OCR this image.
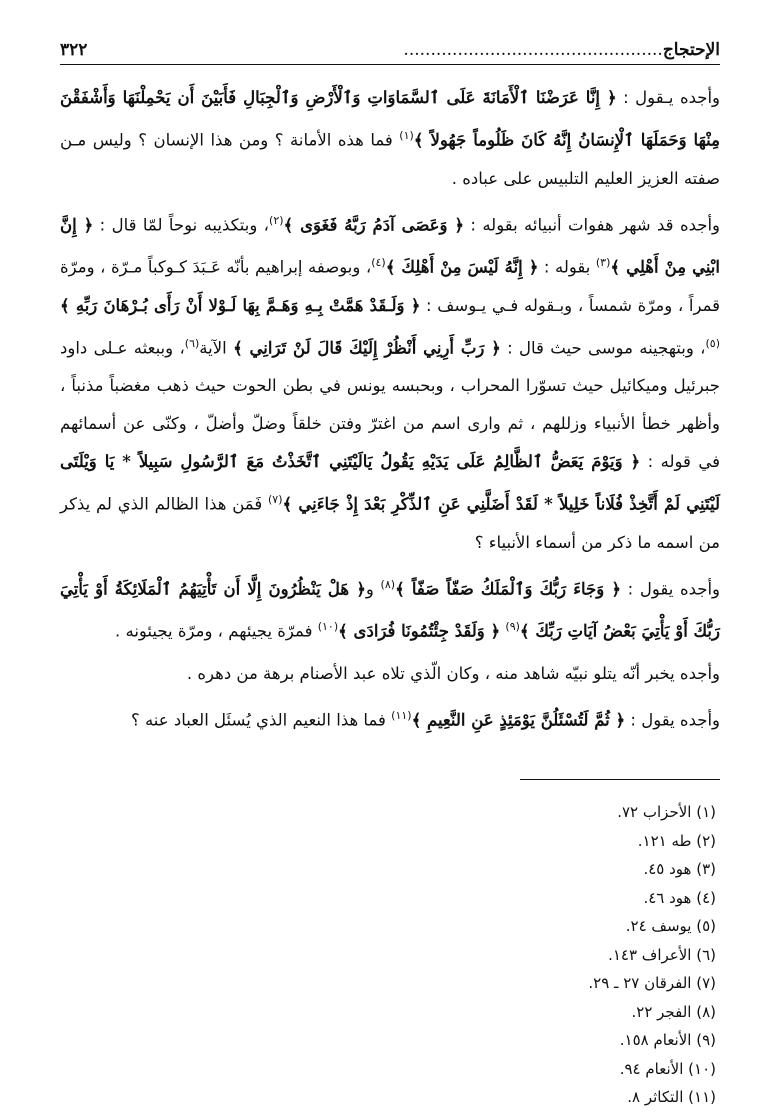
الإحتجاج .....
٣٢٢

وأجده يـقول : ﴿ إِنَّا عَرَضْنَا ٱلْأَمَانَةَ عَلَى ٱلسَّمَاوَاتِ وَٱلْأَرْضِ وَٱلْجِبَالِ فَأَبَيْنَ أَن يَحْمِلْنَهَا وَأَشْفَقْنَ مِنْهَا وَحَمَلَهَا ٱلْإِنسَانُ إِنَّهُ كَانَ ظَلُوماً جَهُولاً ﴾$^{(١)}$ فما هذه الأمانة ؟ ومن هذا الإنسان ؟ وليس مـن صفته العزيز العليم التلبيس على عباده .

وأجده قد شهر هفوات أنبيائه بقوله : ﴿ وَعَصَى آدَمُ رَبَّهُ فَغَوَى ﴾$^{(٢)}$، وبتكذيبه نوحاً لمّا قال : ﴿ إِنَّ ابْنِي مِنْ أَهْلِي ﴾$^{(٣)}$ بقوله : ﴿ إِنَّهُ لَيْسَ مِنْ أَهْلِكَ ﴾$^{(٤)}$، وبوصفه إبراهيم بأنّه عَـبَدَ كـوكباً مـرّة ، ومرّة قمراً ، ومرّة شمساً ، وبـقوله فـي يـوسف : ﴿ وَلَـقَدْ هَمَّتْ بِـهِ وَهَـمَّ بِهَا لَـوْلا أَنْ رَأَى بُـرْهَانَ رَبِّهِ ﴾$^{(٥)}$، وبتهجينه موسى حيث قال : ﴿ رَبِّ أَرِنِي أَنْظُرْ إِلَيْكَ قَالَ لَنْ تَرَانِي ﴾ الآية$^{(٦)}$، وببعثه عـلى داود جبرئيل وميكائيل حيث تسوّرا المحراب ، وبحبسه يونس في بطن الحوت حيث ذهب مغضباً مذنباً ، وأظهر خطأ الأنبياء وزللهم ، ثم وارى اسم من اغترّ وفتن خلقاً وضلّ وأضلّ ، وكنّى عن أسمائهم في قوله : ﴿ وَيَوْمَ يَعَضُّ ٱلظَّالِمُ عَلَى يَدَيْهِ يَقُولُ يَالَيْتَنِي ٱتَّخَذْتُ مَعَ ٱلرَّسُولِ سَبِيلاً * يَا وَيْلَتَى لَيْتَنِي لَمْ أَتَّخِذْ فُلَاناً خَلِيلاً * لَقَدْ أَضَلَّنِي عَنِ ٱلذِّكْرِ بَعْدَ إِذْ جَاءَنِي ﴾$^{(٧)}$ فَمَن هذا الظالم الذي لم يذكر من اسمه ما ذكر من أسماء الأنبياء ؟

وأجده يقول : ﴿ وَجَاءَ رَبُّكَ وَٱلْمَلَكُ صَفّاً صَفّاً ﴾$^{(٨)}$ و﴿ هَلْ يَنْظُرُونَ إِلَّا أَن تَأْتِيَهُمُ ٱلْمَلَائِكَةُ أَوْ يَأْتِيَ رَبُّكَ أَوْ يَأْتِيَ بَعْضُ آيَاتِ رَبِّكَ ﴾$^{(٩)}$ ﴿ وَلَقَدْ جِئْتُمُونَا فُرَادَى ﴾$^{(١٠)}$ فمرّة يجيئهم ، ومرّة يجيئونه .

وأجده يخبر أنّه يتلو نبيّه شاهد منه ، وكان الّذي تلاه عبد الأصنام برهة من دهره .

وأجده يقول : ﴿ ثُمَّ لَتُسْئَلُنَّ يَوْمَئِذٍ عَنِ النَّعِيمِ ﴾$^{(١١)}$ فما هذا النعيم الذي يُسئَل العباد عنه ؟

(١) الأحزاب ٧٢.
(٢) طه ١٢١.
(٣) هود ٤٥.
(٤) هود ٤٦.
(٥) يوسف ٢٤.
(٦) الأعراف ١٤٣.
(٧) الفرقان ٢٧ ـ ٢٩.
(٨) الفجر ٢٢.
(٩) الأنعام ١٥٨.
(١٠) الأنعام ٩٤.
(١١) التكاثر ٨.
